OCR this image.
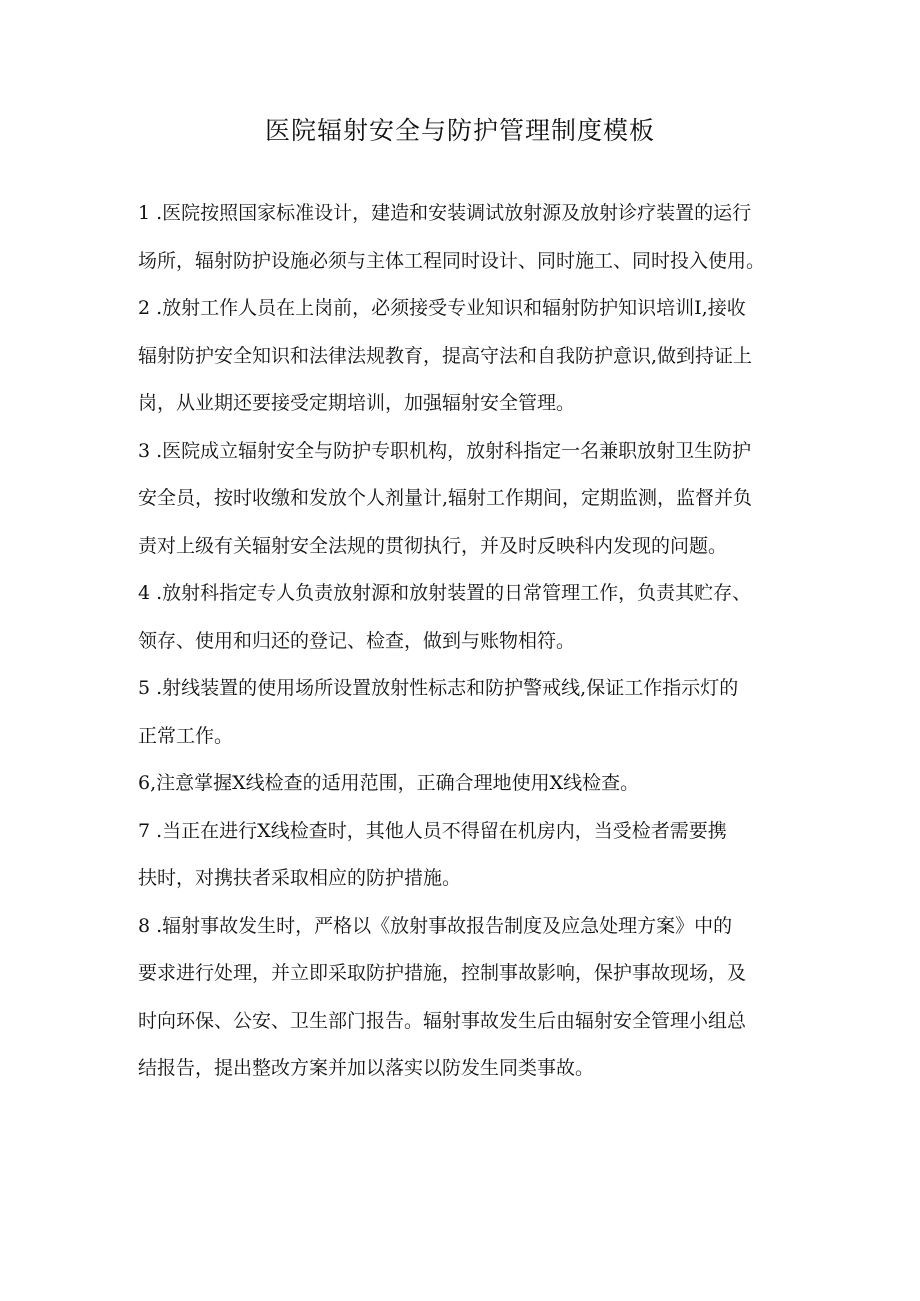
医院辐射安全与防护管理制度模板
1 .医院按照国家标准设计，建造和安装调试放射源及放射诊疗装置的运行
场所，辐射防护设施必须与主体工程同时设计、同时施工、同时投入使用。
2 .放射工作人员在上岗前，必须接受专业知识和辐射防护知识培训I,接收
辐射防护安全知识和法律法规教育，提高守法和自我防护意识,做到持证上
岗，从业期还要接受定期培训，加强辐射安全管理。
3 .医院成立辐射安全与防护专职机构，放射科指定一名兼职放射卫生防护
安全员，按时收缴和发放个人剂量计,辐射工作期间，定期监测，监督并负
责对上级有关辐射安全法规的贯彻执行，并及时反映科内发现的问题。
4 .放射科指定专人负责放射源和放射装置的日常管理工作，负责其贮存、
领存、使用和归还的登记、检查，做到与账物相符。
5 .射线装置的使用场所设置放射性标志和防护警戒线,保证工作指示灯的
正常工作。
6,注意掌握X线检查的适用范围，正确合理地使用X线检查。
7 .当正在进行X线检查时，其他人员不得留在机房内，当受检者需要携
扶时，对携扶者采取相应的防护措施。
8 .辐射事故发生时，严格以《放射事故报告制度及应急处理方案》中的
要求进行处理，并立即采取防护措施，控制事故影响，保护事故现场，及
时向环保、公安、卫生部门报告。辐射事故发生后由辐射安全管理小组总
结报告，提出整改方案并加以落实以防发生同类事故。
